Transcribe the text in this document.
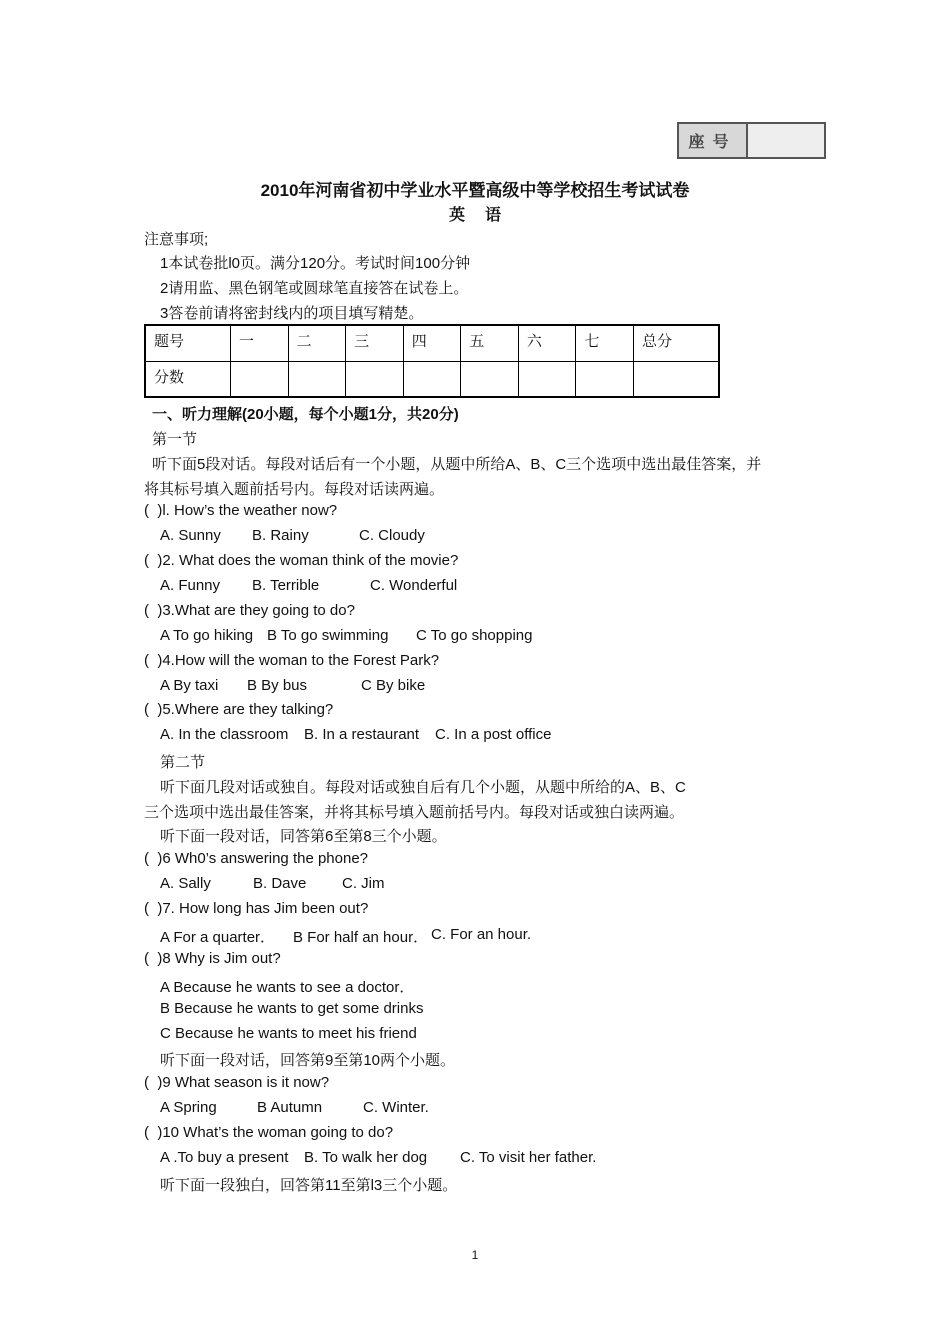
座号
2010年河南省初中学业水平暨高级中等学校招生考试试卷
英语
注意事项;
1本试卷批l0页。满分120分。考试时间100分钟
2请用监、黑色钢笔或圆球笔直接答在试卷上。
3答卷前请将密封线内的项目填写精楚。
题号	一	二	三	四	五	六	七	总分
分数								
一、听力理解(20小题，每个小题1分，共20分)
第一节
听下面5段对话。每段对话后有一个小题，从题中所给A、B、C三个选项中选出最佳答案，并
将其标号填入题前括号内。每段对话读两遍。
(  )l. How’s the weather now?
A. Sunny B. Rainy	C. Cloudy
(  )2. What does the woman think of the movie?
A. Funny B. Terrible	C. Wonderful
(  )3.What are they going to do?
A To go hiking B To go swimming C To go shopping
(  )4.How will the woman to the Forest Park?
A By taxi B By bus	C By bike
(  )5.Where are they talking?
A. In the classroom B. In a restaurant C. In a post office
第二节
听下面几段对话或独自。每段对话或独自后有几个小题，从题中所给的A、B、C
三个选项中选出最佳答案，并将其标号填入题前括号内。每段对话或独白读两遍。
听下面一段对话，同答第6至第8三个小题。
(  )6 Wh0’s answering the phone?
A. Sally	B. Dave C. Jim
(  )7. How long has Jim been out?
A For a quarter． B For half an hour． C. For an hour.
(  )8 Why is Jim out?
A Because he wants to see a doctor．
B Because he wants to get some drinks
C Because he wants to meet his friend
听下面一段对话，回答第9至第10两个小题。
(  )9 What season is it now?
A Spring	B Autumn	C. Winter.
(  )10 What’s the woman going to do?
A .To buy a present B. To walk her dog C. To visit her father.
听下面一段独白，回答第11至第l3三个小题。
1
